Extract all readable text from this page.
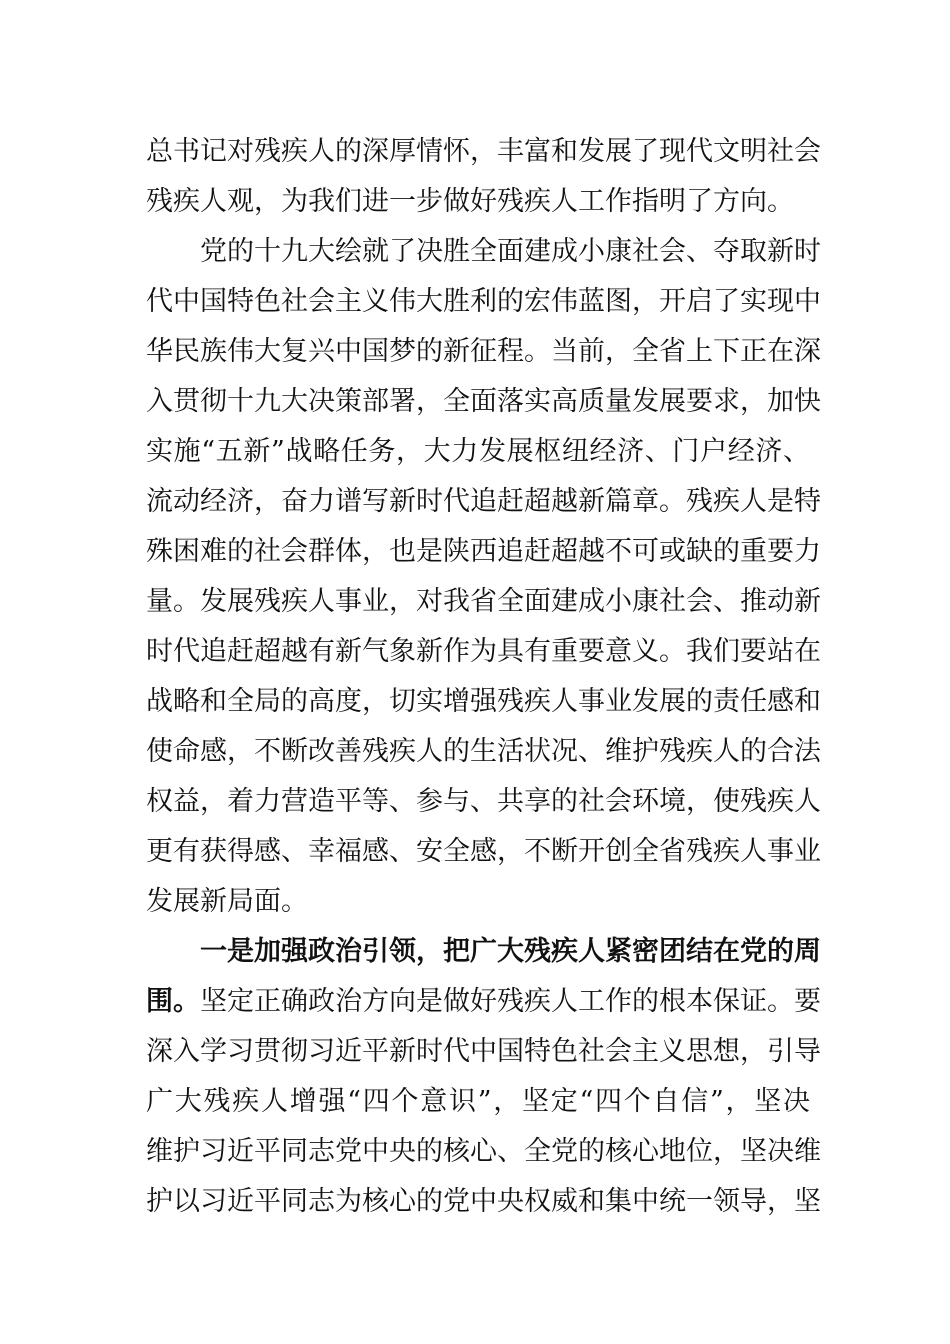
总书记对残疾人的深厚情怀，丰富和发展了现代文明社会
残疾人观，为我们进一步做好残疾人工作指明了方向。
党的十九大绘就了决胜全面建成小康社会、夺取新时
代中国特色社会主义伟大胜利的宏伟蓝图，开启了实现中
华民族伟大复兴中国梦的新征程。当前，全省上下正在深
入贯彻十九大决策部署，全面落实高质量发展要求，加快
实施“五新”战略任务，大力发展枢纽经济、门户经济、
流动经济，奋力谱写新时代追赶超越新篇章。残疾人是特
殊困难的社会群体，也是陕西追赶超越不可或缺的重要力
量。发展残疾人事业，对我省全面建成小康社会、推动新
时代追赶超越有新气象新作为具有重要意义。我们要站在
战略和全局的高度，切实增强残疾人事业发展的责任感和
使命感，不断改善残疾人的生活状况、维护残疾人的合法
权益，着力营造平等、参与、共享的社会环境，使残疾人
更有获得感、幸福感、安全感，不断开创全省残疾人事业
发展新局面。
一是加强政治引领，把广大残疾人紧密团结在党的周
围。坚定正确政治方向是做好残疾人工作的根本保证。要
深入学习贯彻习近平新时代中国特色社会主义思想，引导
广大残疾人增强“四个意识”，坚定“四个自信”，坚决
维护习近平同志党中央的核心、全党的核心地位，坚决维
护以习近平同志为核心的党中央权威和集中统一领导，坚
